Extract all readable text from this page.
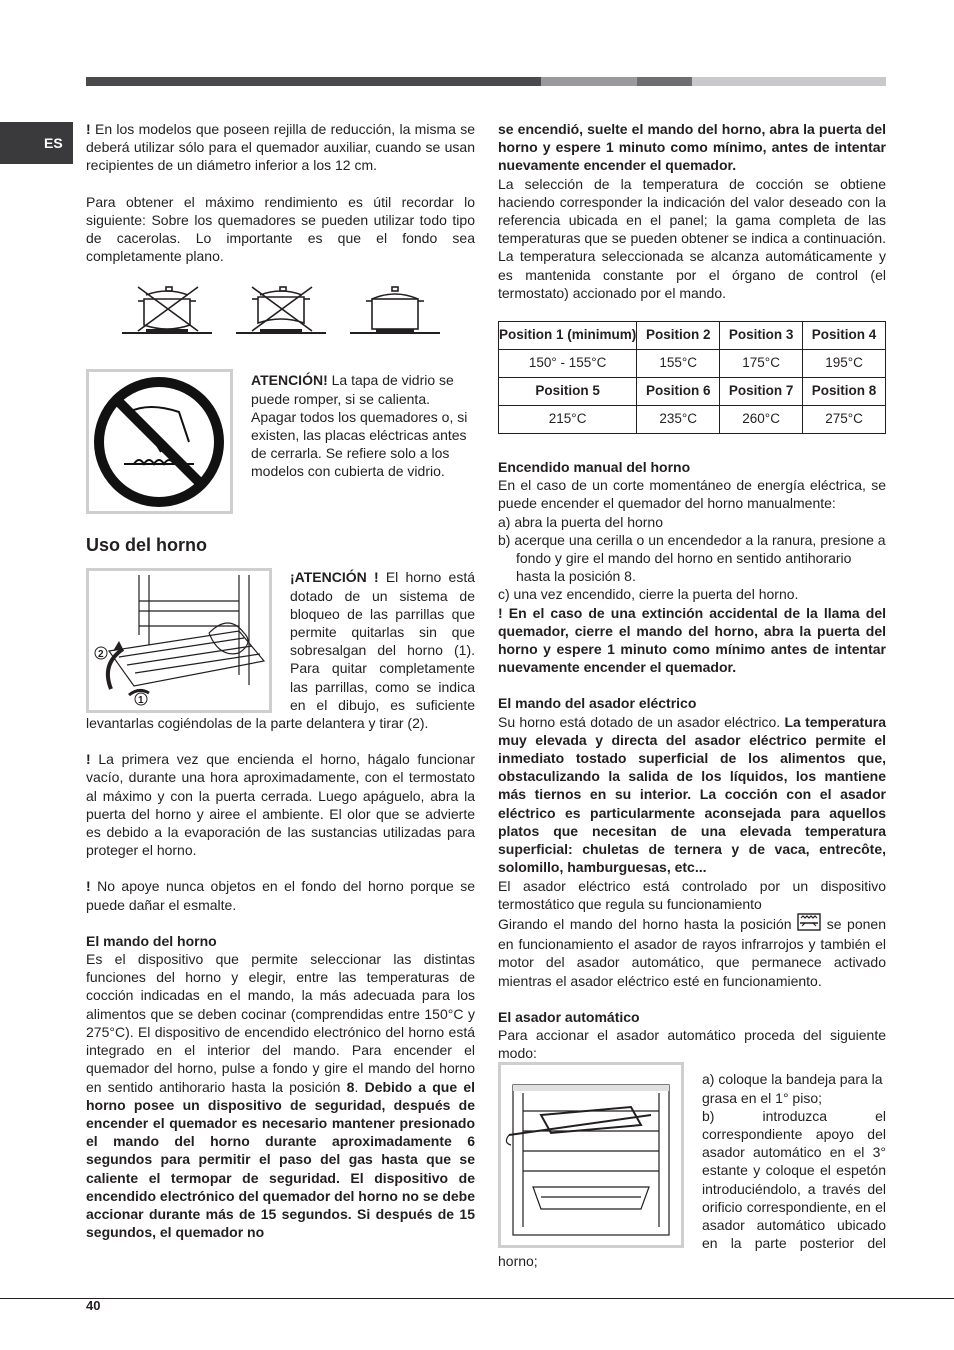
ES

! En los modelos que poseen rejilla de reducción, la misma se deberá utilizar sólo para el quemador auxiliar, cuando se usan recipientes de un diámetro inferior a los 12 cm.

Para obtener el máximo rendimiento es útil recordar lo siguiente: Sobre los quemadores se pueden utilizar todo tipo de cacerolas. Lo importante es que el fondo sea completamente plano.

ATENCIÓN! La tapa de vidrio se puede romper, si se calienta. Apagar todos los quemadores o, si existen, las placas eléctricas antes de cerrarla. Se refiere solo a los modelos con cubierta de vidrio.

Uso del horno
2
1

¡ATENCIÓN ! El horno está dotado de un sistema de bloqueo de las parrillas que permite quitarlas sin que sobresalgan del horno (1). Para quitar completamente las parrillas, como se indica en el dibujo, es suficiente levantarlas cogiéndolas de la parte delantera y tirar (2).

! La primera vez que encienda el horno, hágalo funcionar vacío, durante una hora aproximadamente, con el termostato al máximo y con la puerta cerrada. Luego apáguelo, abra la puerta del horno y airee el ambiente. El olor que se advierte es debido a la evaporación de las sustancias utilizadas para proteger el horno.

! No apoye nunca objetos en el fondo del horno porque se puede dañar el esmalte.

El mando del horno

Es el dispositivo que permite seleccionar las distintas funciones del horno y elegir, entre las temperaturas de cocción indicadas en el mando, la más adecuada para los alimentos que se deben cocinar (comprendidas entre 150°C y 275°C). El dispositivo de encendido electrónico del horno está integrado en el interior del mando. Para encender el quemador del horno, pulse a fondo y gire el mando del horno en sentido antihorario hasta la posición 8. Debido a que el horno posee un dispositivo de seguridad, después de encender el quemador es necesario mantener presionado el mando del horno durante aproximadamente 6 segundos para permitir el paso del gas hasta que se caliente el termopar de seguridad. El dispositivo de encendido electrónico del quemador del horno no se debe accionar durante más de 15 segundos. Si después de 15 segundos, el quemador no

se encendió, suelte el mando del horno, abra la puerta del horno y espere 1 minuto como mínimo, antes de intentar nuevamente encender el quemador.

La selección de la temperatura de cocción se obtiene haciendo corresponder la indicación del valor deseado con la referencia ubicada en el panel; la gama completa de las temperaturas que se pueden obtener se indica a continuación. La temperatura seleccionada se alcanza automáticamente y es mantenida constante por el órgano de control (el termostato) accionado por el mando.

Position 1 (minimum)	Position 2	Position 3	Position 4
150° - 155°C	155°C	175°C	195°C
Position 5	Position 6	Position 7	Position 8
215°C	235°C	260°C	275°C

Encendido manual del horno

En el caso de un corte momentáneo de energía eléctrica, se puede encender el quemador del horno manualmente:

a) abra la puerta del horno

b) acerque una cerilla o un encendedor a la ranura, presione a fondo y gire el mando del horno en sentido antihorario hasta la posición 8.

c) una vez encendido, cierre la puerta del horno.

! En el caso de una extinción accidental de la llama del quemador, cierre el mando del horno, abra la puerta del horno y espere 1 minuto como mínimo antes de intentar nuevamente encender el quemador.

El mando del asador eléctrico

Su horno está dotado de un asador eléctrico. La temperatura muy elevada y directa del asador eléctrico permite el inmediato tostado superficial de los alimentos que, obstaculizando la salida de los líquidos, los mantiene más tiernos en su interior. La cocción con el asador eléctrico es particularmente aconsejada para aquellos platos que necesitan de una elevada temperatura superficial: chuletas de ternera y de vaca, entrecôte, solomillo, hamburguesas, etc...

El asador eléctrico está controlado por un dispositivo termostático que regula su funcionamiento

Girando el mando del horno hasta la posición  se ponen en funcionamiento el asador de rayos infrarrojos y también el motor del asador automático, que permanece activado mientras el asador eléctrico esté en funcionamiento.

El asador automático

Para accionar el asador automático proceda del siguiente modo:

a) coloque la bandeja para la grasa en el 1° piso;

b) introduzca el correspondiente apoyo del asador automático en el 3° estante y coloque el espetón introduciéndolo, a través del orificio correspondiente, en el asador automático ubicado en la parte posterior del horno;

40
